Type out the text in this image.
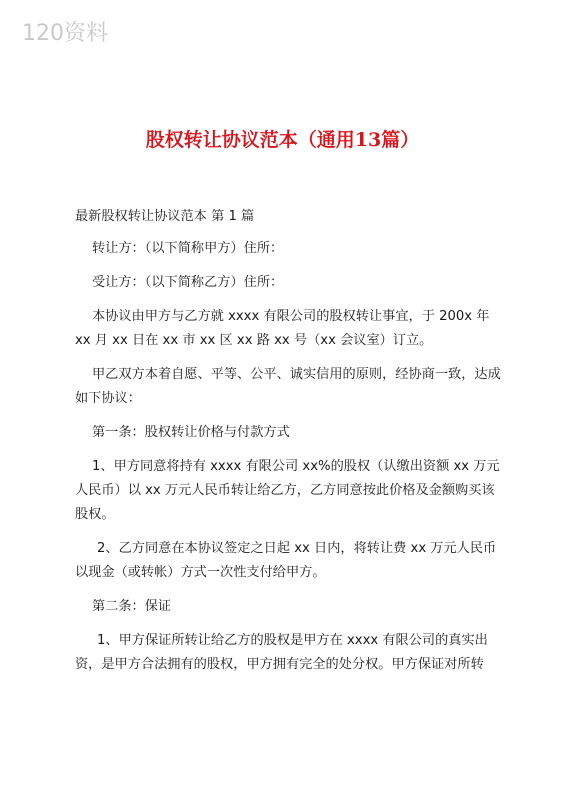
120资料
股权转让协议范本（通用13篇）

最新股权转让协议范本 第 1 篇

转让方：（以下简称甲方）住所：

受让方：（以下简称乙方）住所：

本协议由甲方与乙方就 xxxx 有限公司的股权转让事宜，于 200x 年 xx 月 xx 日在 xx 市 xx 区 xx 路 xx 号（xx 会议室）订立。

甲乙双方本着自愿、平等、公平、诚实信用的原则，经协商一致，达成如下协议：

第一条：股权转让价格与付款方式

1、甲方同意将持有 xxxx 有限公司 xx%的股权（认缴出资额 xx 万元人民币）以 xx 万元人民币转让给乙方，乙方同意按此价格及金额购买该股权。

2、乙方同意在本协议签定之日起 xx 日内，将转让费 xx 万元人民币以现金（或转帐）方式一次性支付给甲方。

第二条：保证

1、甲方保证所转让给乙方的股权是甲方在 xxxx 有限公司的真实出资，是甲方合法拥有的股权，甲方拥有完全的处分权。甲方保证对所转
